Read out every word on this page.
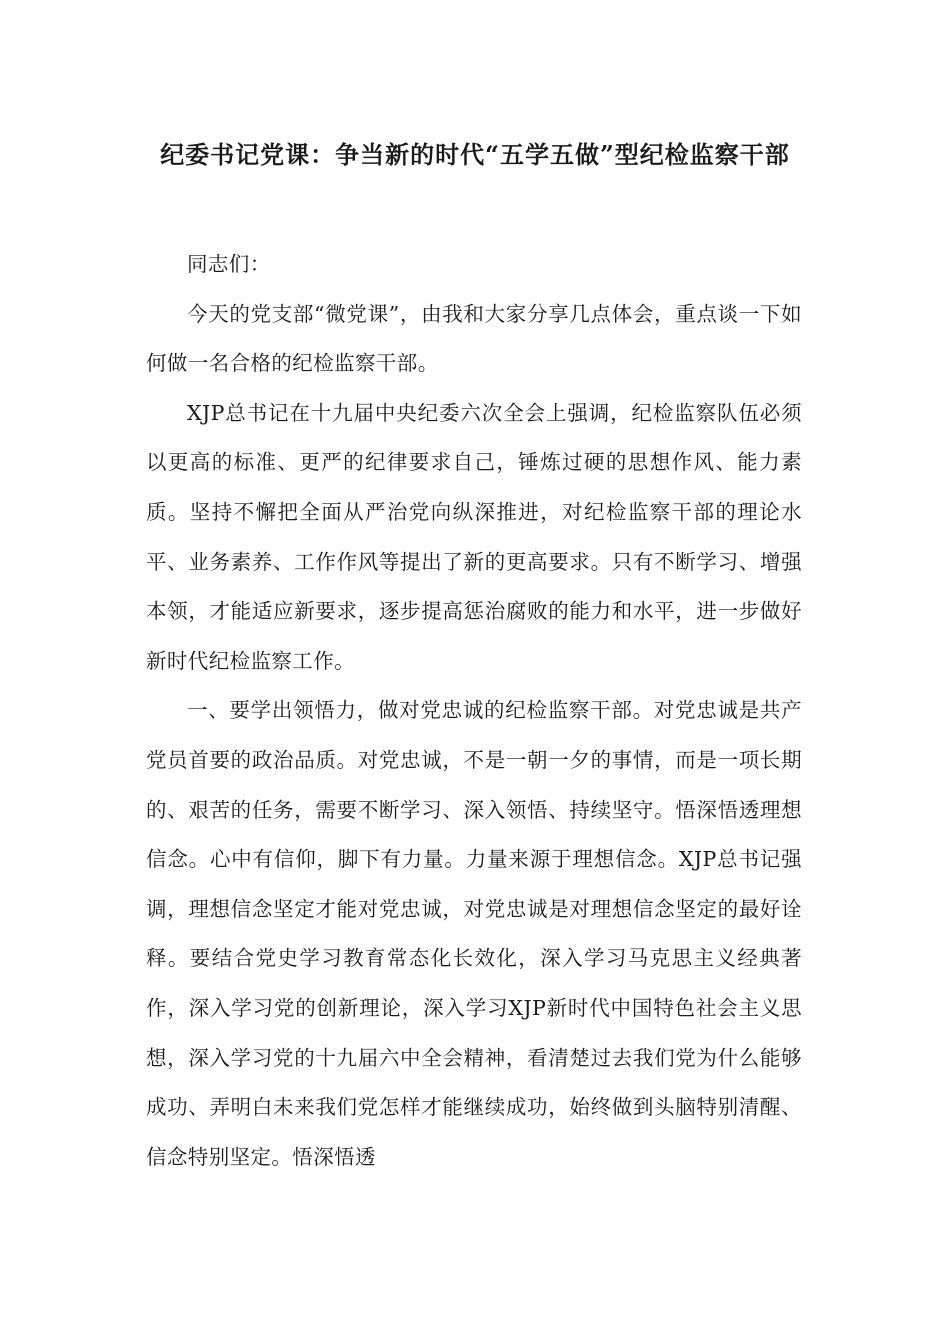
纪委书记党课：争当新的时代“五学五做”型纪检监察干部

同志们：

今天的党支部“微党课”，由我和大家分享几点体会，重点谈一下如何做一名合格的纪检监察干部。

XJP总书记在十九届中央纪委六次全会上强调，纪检监察队伍必须以更高的标准、更严的纪律要求自己，锤炼过硬的思想作风、能力素质。坚持不懈把全面从严治党向纵深推进，对纪检监察干部的理论水平、业务素养、工作作风等提出了新的更高要求。只有不断学习、增强本领，才能适应新要求，逐步提高惩治腐败的能力和水平，进一步做好新时代纪检监察工作。

一、要学出领悟力，做对党忠诚的纪检监察干部。对党忠诚是共产党员首要的政治品质。对党忠诚，不是一朝一夕的事情，而是一项长期的、艰苦的任务，需要不断学习、深入领悟、持续坚守。悟深悟透理想信念。心中有信仰，脚下有力量。力量来源于理想信念。XJP总书记强调，理想信念坚定才能对党忠诚，对党忠诚是对理想信念坚定的最好诠释。要结合党史学习教育常态化长效化，深入学习马克思主义经典著作，深入学习党的创新理论，深入学习XJP新时代中国特色社会主义思想，深入学习党的十九届六中全会精神，看清楚过去我们党为什么能够成功、弄明白未来我们党怎样才能继续成功，始终做到头脑特别清醒、信念特别坚定。悟深悟透
